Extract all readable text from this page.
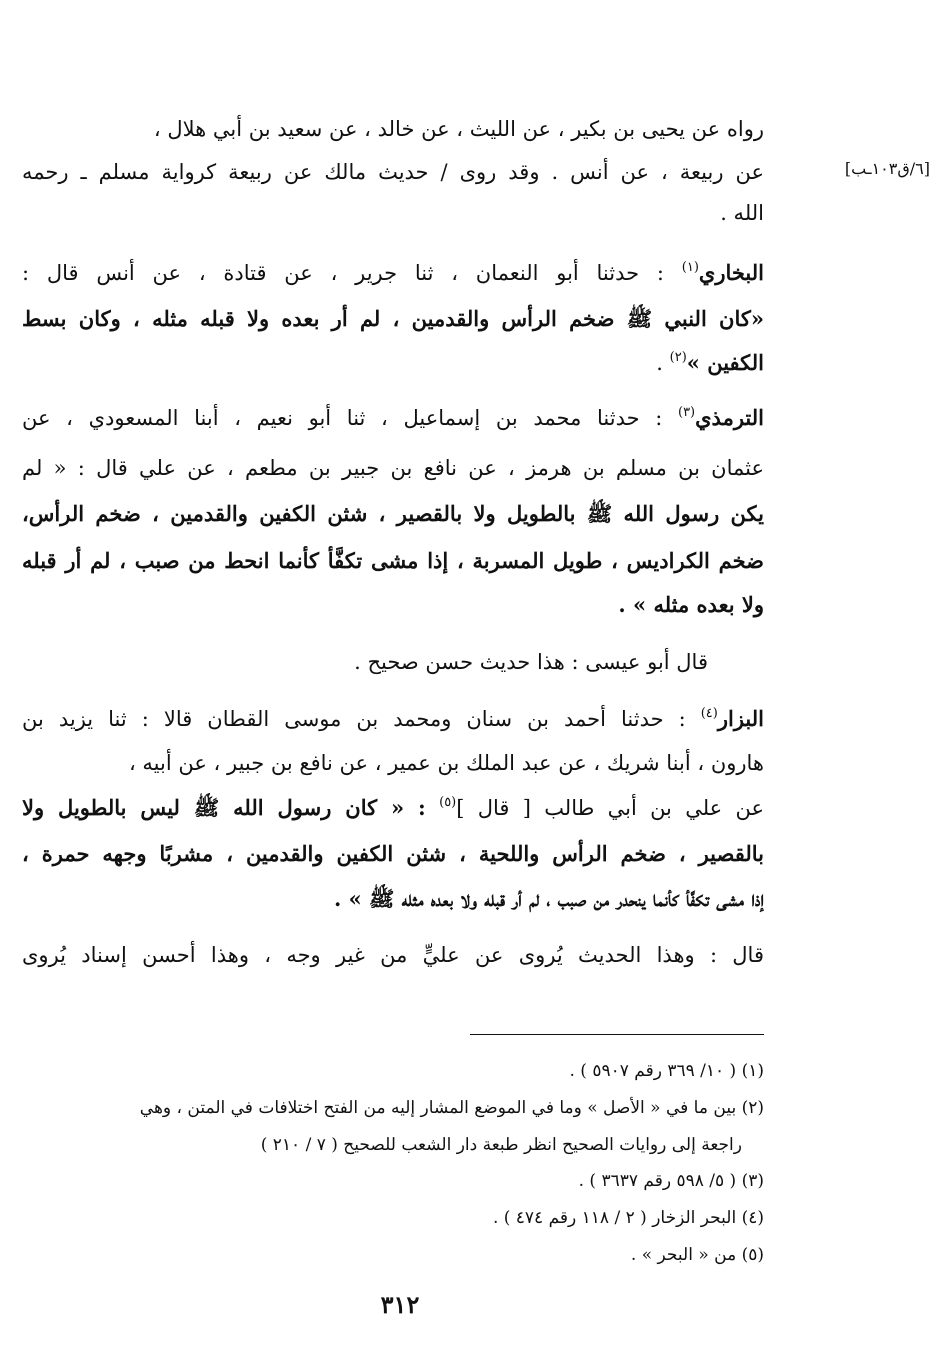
رواه عن يحيى بن بكير ، عن الليث ، عن خالد ، عن سعيد بن أبي هلال ،
عن ربيعة ، عن أنس . وقد روى / حديث مالك عن ربيعة كرواية مسلم ـ رحمه
الله .
[٦/ق١٠٣ـب]
البخاري$^{(١)}$ : حدثنا أبو النعمان ، ثنا جرير ، عن قتادة ، عن أنس قال :
«كان النبي ﷺ ضخم الرأس والقدمين ، لم أر بعده ولا قبله مثله ، وكان بسط
الكفين »$^{(٢)}$ .
الترمذي$^{(٣)}$ : حدثنا محمد بن إسماعيل ، ثنا أبو نعيم ، أبنا المسعودي ، عن
عثمان بن مسلم بن هرمز ، عن نافع بن جبير بن مطعم ، عن علي قال : « لم
يكن رسول الله ﷺ بالطويل ولا بالقصير ، شثن الكفين والقدمين ، ضخم الرأس،
ضخم الكراديس ، طويل المسربة ، إذا مشى تكفَّأ كأنما انحط من صبب ، لم أر قبله
ولا بعده مثله » .
قال أبو عيسى : هذا حديث حسن صحيح .
البزار$^{(٤)}$ : حدثنا أحمد بن سنان ومحمد بن موسى القطان قالا : ثنا يزيد بن
هارون ، أبنا شريك ، عن عبد الملك بن عمير ، عن نافع بن جبير ، عن أبيه ،
عن علي بن أبي طالب [ قال ]$^{(٥)}$ : « كان رسول الله ﷺ ليس بالطويل ولا
بالقصير ، ضخم الرأس واللحية ، شثن الكفين والقدمين ، مشربًا وجهه حمرة ،
إذا مشى تكفَّأ كأنما ينحدر من صبب ، لم أر قبله ولا بعده مثله ﷺ » .
قال : وهذا الحديث يُروى عن عليٍّ من غير وجه ، وهذا أحسن إسناد يُروى
(١) ( ١٠/ ٣٦٩ رقم ٥٩٠٧ ) .
(٢) بين ما في « الأصل » وما في الموضع المشار إليه من الفتح اختلافات في المتن ، وهي
راجعة إلى روايات الصحيح انظر طبعة دار الشعب للصحيح ( ٧ / ٢١٠ )
(٣) ( ٥/ ٥٩٨ رقم ٣٦٣٧ ) .
(٤) البحر الزخار ( ٢ / ١١٨ رقم ٤٧٤ ) .
(٥) من « البحر » .
٣١٢
